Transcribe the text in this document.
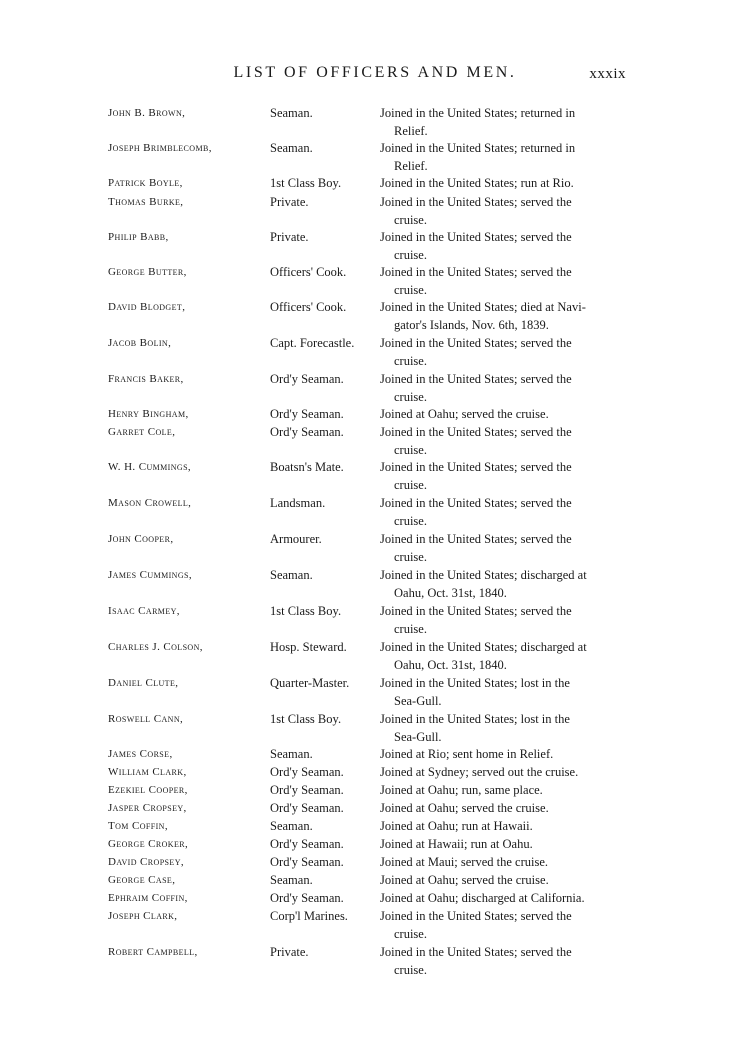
LIST OF OFFICERS AND MEN.	xxxix
John B. Brown,	Seaman.	Joined in the United States; returned in
Relief.
Joseph Brimblecomb,	Seaman.	Joined in the United States; returned in
Relief.
Patrick Boyle,	1st Class Boy.	Joined in the United States; run at Rio.
Thomas Burke,	Private.	Joined in the United States; served the
cruise.
Philip Babb,	Private.	Joined in the United States; served the
cruise.
George Butter,	Officers' Cook.	Joined in the United States; served the
cruise.
David Blodget,	Officers' Cook.	Joined in the United States; died at Navi-
gator's Islands, Nov. 6th, 1839.
Jacob Bolin,	Capt. Forecastle.	Joined in the United States; served the
cruise.
Francis Baker,	Ord'y Seaman.	Joined in the United States; served the
cruise.
Henry Bingham,	Ord'y Seaman.	Joined at Oahu; served the cruise.
Garret Cole,	Ord'y Seaman.	Joined in the United States; served the
cruise.
W. H. Cummings,	Boatsn's Mate.	Joined in the United States; served the
cruise.
Mason Crowell,	Landsman.	Joined in the United States; served the
cruise.
John Cooper,	Armourer.	Joined in the United States; served the
cruise.
James Cummings,	Seaman.	Joined in the United States; discharged at
Oahu, Oct. 31st, 1840.
Isaac Carmey,	1st Class Boy.	Joined in the United States; served the
cruise.
Charles J. Colson,	Hosp. Steward.	Joined in the United States; discharged at
Oahu, Oct. 31st, 1840.
Daniel Clute,	Quarter-Master.	Joined in the United States; lost in the
Sea-Gull.
Roswell Cann,	1st Class Boy.	Joined in the United States; lost in the
Sea-Gull.
James Corse,	Seaman.	Joined at Rio; sent home in Relief.
William Clark,	Ord'y Seaman.	Joined at Sydney; served out the cruise.
Ezekiel Cooper,	Ord'y Seaman.	Joined at Oahu; run, same place.
Jasper Cropsey,	Ord'y Seaman.	Joined at Oahu; served the cruise.
Tom Coffin,	Seaman.	Joined at Oahu; run at Hawaii.
George Croker,	Ord'y Seaman.	Joined at Hawaii; run at Oahu.
David Cropsey,	Ord'y Seaman.	Joined at Maui; served the cruise.
George Case,	Seaman.	Joined at Oahu; served the cruise.
Ephraim Coffin,	Ord'y Seaman.	Joined at Oahu; discharged at California.
Joseph Clark,	Corp'l Marines.	Joined in the United States; served the
cruise.
Robert Campbell,	Private.	Joined in the United States; served the
cruise.
